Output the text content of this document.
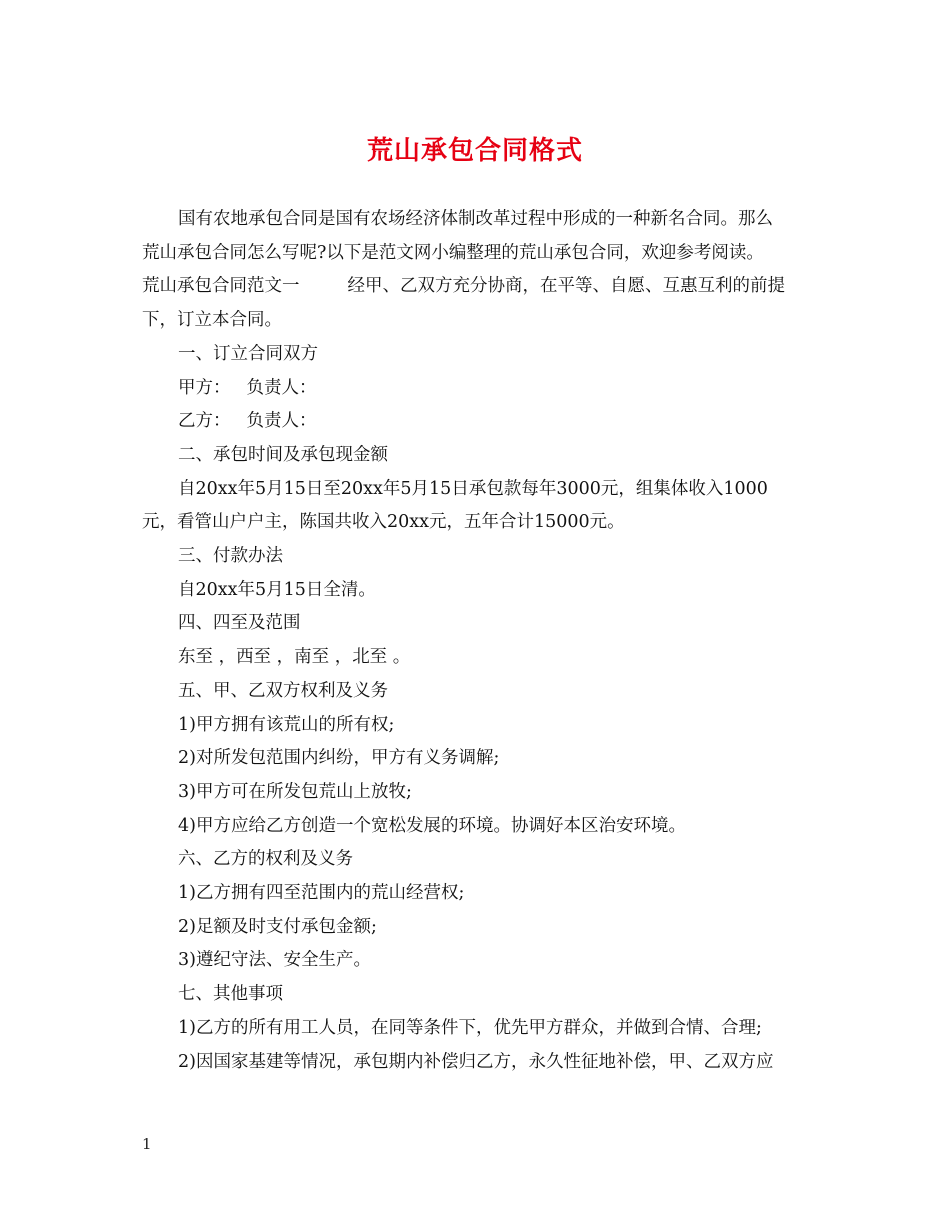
荒山承包合同格式

国有农地承包合同是国有农场经济体制改革过程中形成的一种新名合同。那么

荒山承包合同怎么写呢?以下是范文网小编整理的荒山承包合同，欢迎参考阅读。

荒山承包合同范文一	经甲、乙双方充分协商，在平等、自愿、互惠互利的前提

下，订立本合同。

一、订立合同双方

甲方： 负责人：

乙方： 负责人：

二、承包时间及承包现金额

自20xx年5月15日至20xx年5月15日承包款每年3000元，组集体收入1000

元，看管山户户主，陈国共收入20xx元，五年合计15000元。

三、付款办法

自20xx年5月15日全清。

四、四至及范围

东至 ，西至 ，南至 ，北至 。

五、甲、乙双方权利及义务

1)甲方拥有该荒山的所有权;

2)对所发包范围内纠纷，甲方有义务调解;

3)甲方可在所发包荒山上放牧;

4)甲方应给乙方创造一个宽松发展的环境。协调好本区治安环境。

六、乙方的权利及义务

1)乙方拥有四至范围内的荒山经营权;

2)足额及时支付承包金额;

3)遵纪守法、安全生产。

七、其他事项

1)乙方的所有用工人员，在同等条件下，优先甲方群众，并做到合情、合理;

2)因国家基建等情况，承包期内补偿归乙方，永久性征地补偿，甲、乙双方应

1
